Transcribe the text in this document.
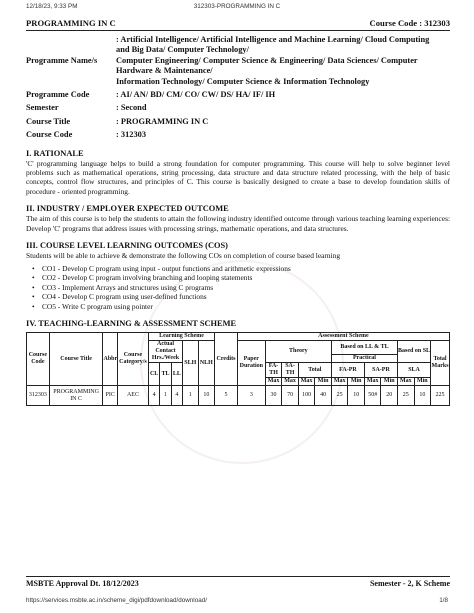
12/18/23, 9:33 PM	312303-PROGRAMMING IN C
PROGRAMMING IN C	Course Code : 312303
Programme Name/s
: Artificial Intelligence/ Artificial Intelligence and Machine Learning/ Cloud Computing
and Big Data/ Computer Technology/
Computer Engineering/ Computer Science & Engineering/ Data Sciences/ Computer
Hardware & Maintenance/
Information Technology/ Computer Science & Information Technology
Programme Code	: AI/ AN/ BD/ CM/ CO/ CW/ DS/ HA/ IF/ IH
Semester	: Second
Course Title	: PROGRAMMING IN C
Course Code	: 312303
I. RATIONALE
'C' programming language helps to build a strong foundation for computer programming. This course will help to solve beginner level problems such as mathematical operations, string processing, data structure and data structure related processing, with the help of basic concepts, control flow structures, and principles of C. This course is basically designed to create a base to develop foundation skills of procedure - oriented programming.
II. INDUSTRY / EMPLOYER EXPECTED OUTCOME
The aim of this course is to help the students to attain the following industry identified outcome through various teaching learning experiences: Develop 'C' programs that address issues with processing strings, mathematic operations, and data structures.
III. COURSE LEVEL LEARNING OUTCOMES (COS)
Students will be able to achieve & demonstrate the following COs on completion of course based learning
• CO1 - Develop C program using input - output functions and arithmetic expressions
• CO2 - Develop C program involving branching and looping statements
• CO3 - Implement Arrays and structures using C programs
• CO4 - Develop C program using user-defined functions
• CO5 - Write C program using pointer
IV. TEACHING-LEARNING & ASSESSMENT SCHEME
Course Code	Course Title	Abbr	Course Category/s	Learning Scheme					Credits	Assessment Scheme											
				Actual Contact Hrs./Week			SLH	NLH		Paper Duration	Theory				Based on LL & TL				Based on SL		Total Marks
															Practical						
				CL	TL	LL					FA-TH	SA-TH	Total		FA-PR		SA-PR		SLA		
											Max	Max	Max	Min	Max	Min	Max	Min	Max	Min	
312303	PROGRAMMING IN C	PIC	AEC	4	1	4	1	10	5	3	30	70	100	40	25	10	50#	20	25	10	225
MSBTE Approval Dt. 18/12/2023	Semester - 2, K Scheme
https://services.msbte.ac.in/scheme_digi/pdfdownload/download/	1/8
